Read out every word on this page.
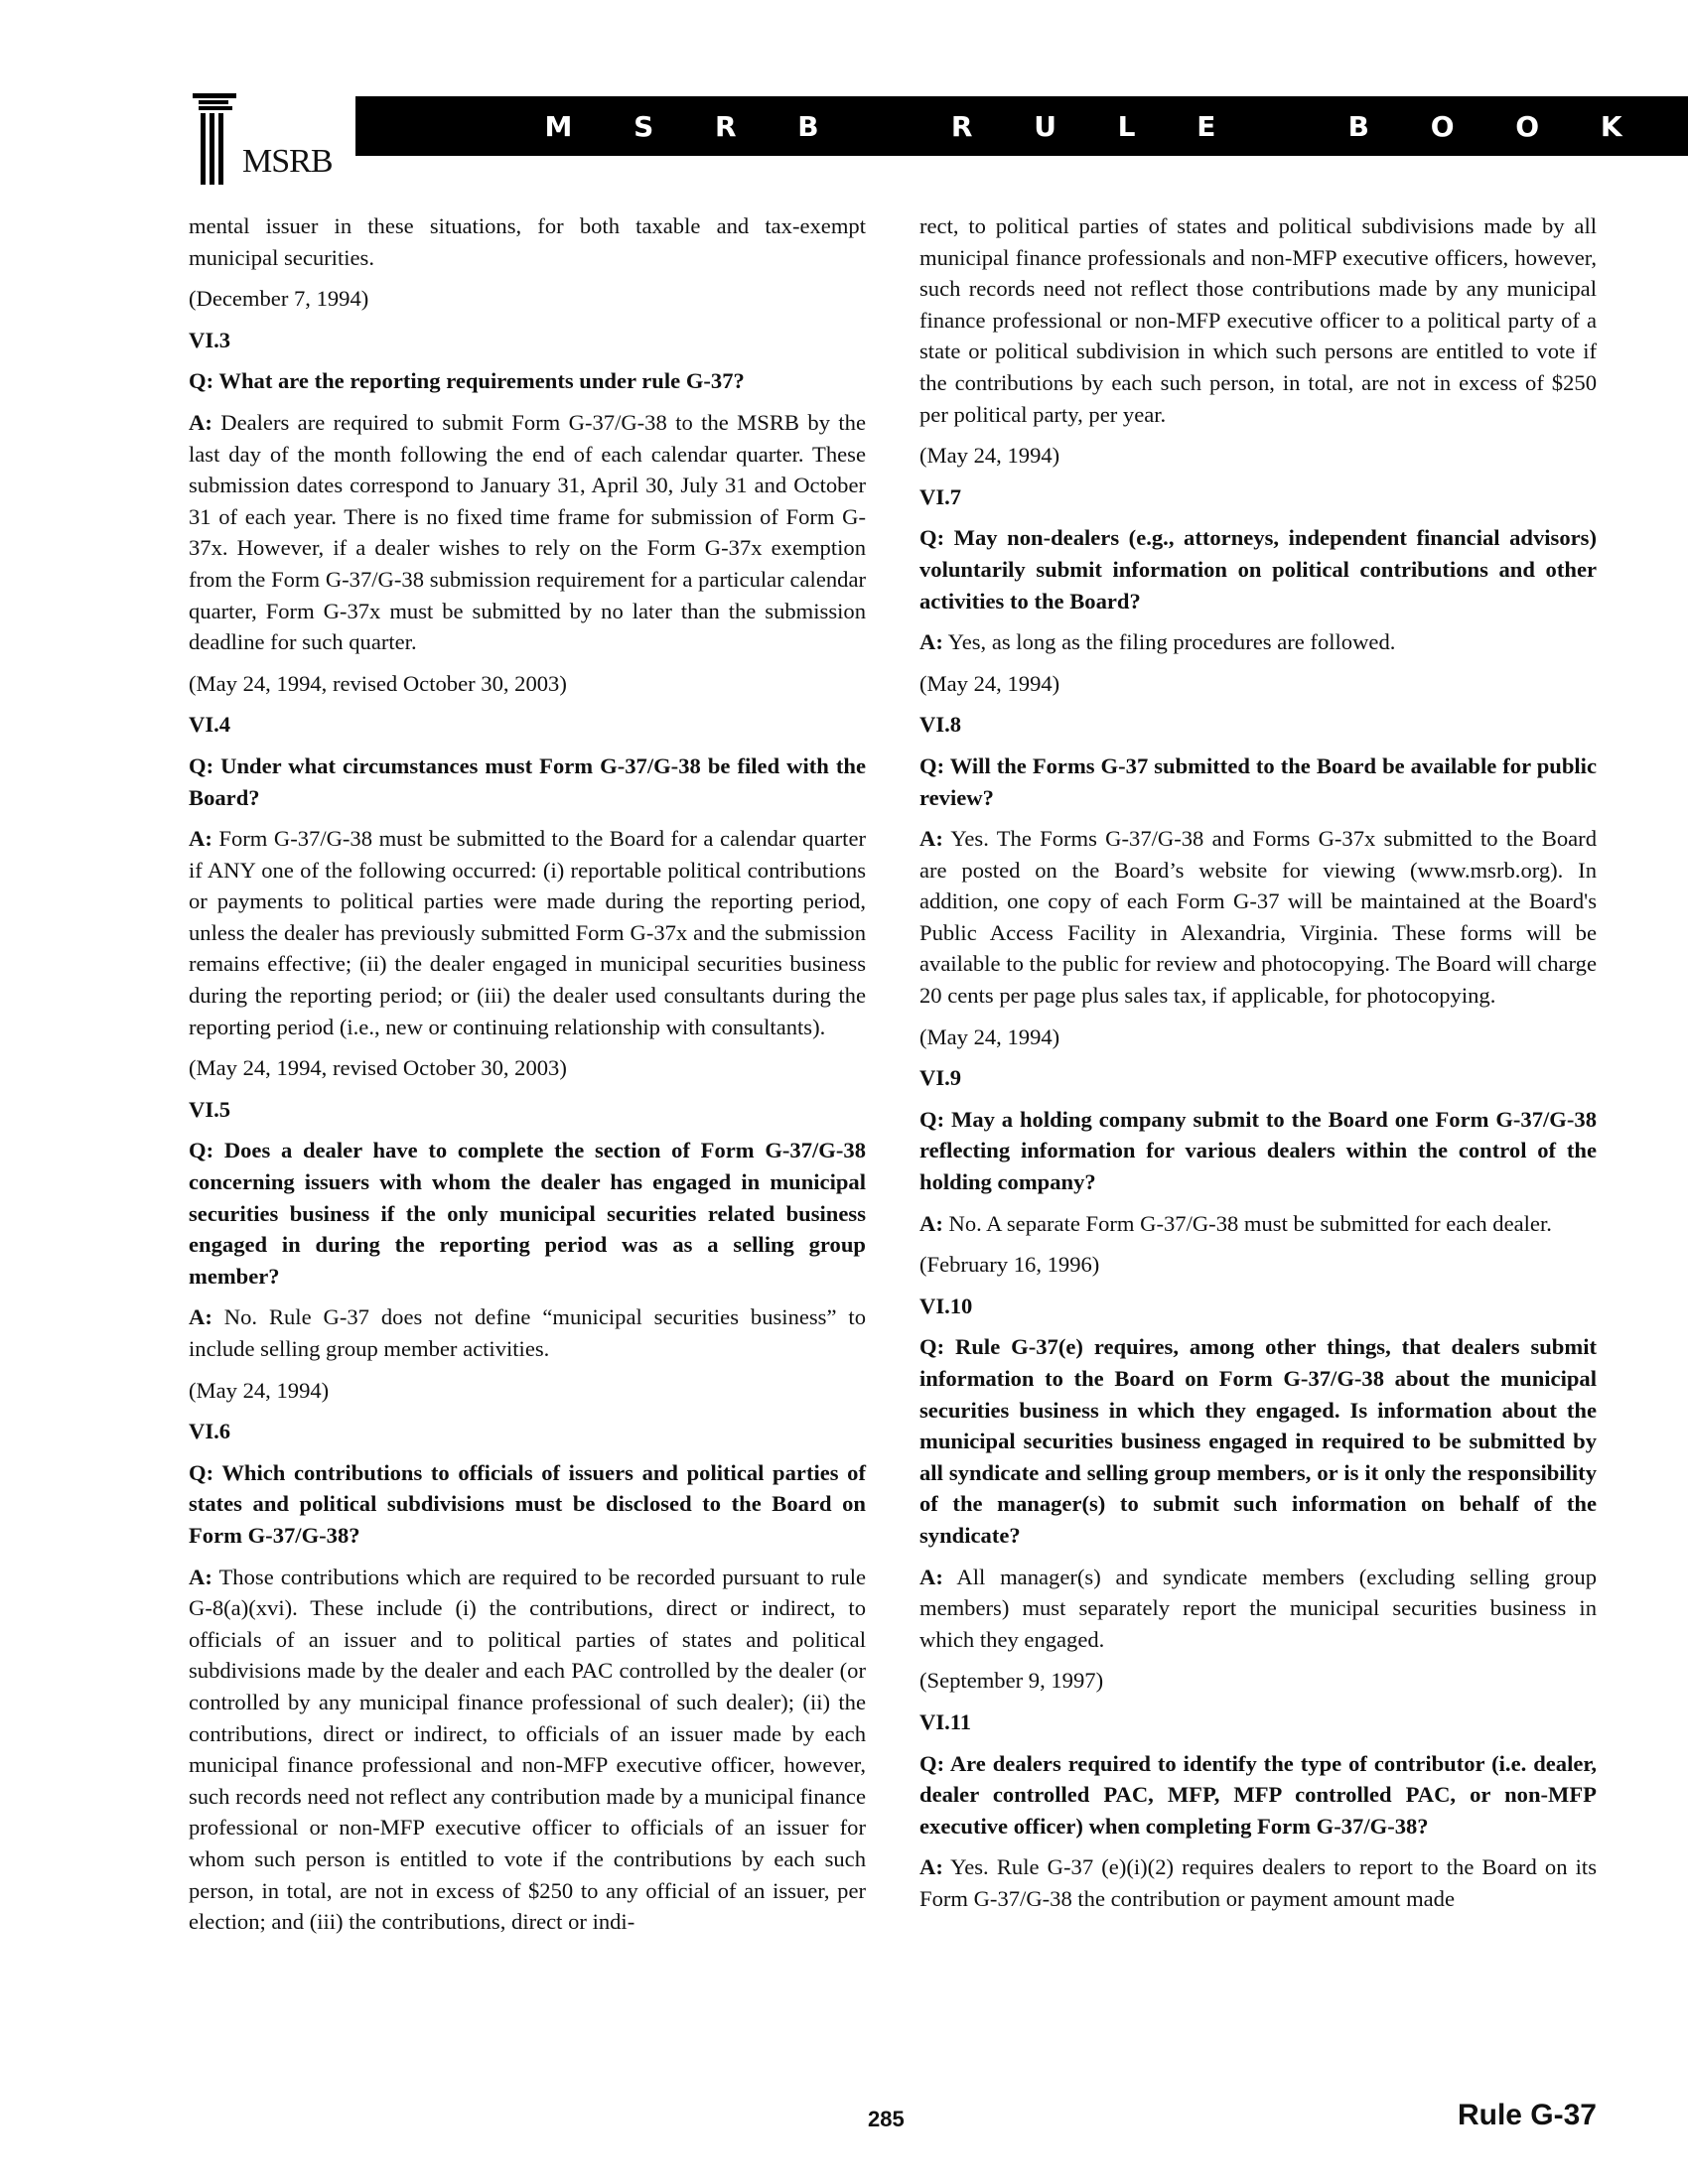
MSRB
M S R B   R U L E   B O O K

mental issuer in these situations, for both taxable and tax-exempt municipal securities.

(December 7, 1994)

VI.3

Q: What are the reporting requirements under rule G-37?

A: Dealers are required to submit Form G-37/G-38 to the MSRB by the last day of the month following the end of each calendar quarter. These submission dates correspond to January 31, April 30, July 31 and October 31 of each year. There is no fixed time frame for submission of Form G-37x. However, if a dealer wishes to rely on the Form G-37x exemption from the Form G-37/G-38 submission requirement for a particular calendar quarter, Form G-37x must be submitted by no later than the submission deadline for such quarter.

(May 24, 1994, revised October 30, 2003)

VI.4

Q: Under what circumstances must Form G-37/G-38 be filed with the Board?

A: Form G-37/G-38 must be submitted to the Board for a calendar quarter if ANY one of the following occurred: (i) reportable political contributions or payments to political parties were made during the reporting period, unless the dealer has previously submitted Form G-37x and the submission remains effective; (ii) the dealer engaged in municipal securities business during the reporting period; or (iii) the dealer used consultants during the reporting period (i.e., new or continuing relationship with consultants).

(May 24, 1994, revised October 30, 2003)

VI.5

Q: Does a dealer have to complete the section of Form G-37/G-38 concerning issuers with whom the dealer has engaged in municipal securities business if the only municipal securities related business engaged in during the reporting period was as a selling group member?

A: No. Rule G-37 does not define “municipal securities business” to include selling group member activities.

(May 24, 1994)

VI.6

Q: Which contributions to officials of issuers and political parties of states and political subdivisions must be disclosed to the Board on Form G-37/G-38?

A: Those contributions which are required to be recorded pursuant to rule G-8(a)(xvi). These include (i) the contributions, direct or indirect, to officials of an issuer and to political parties of states and political subdivisions made by the dealer and each PAC controlled by the dealer (or controlled by any municipal finance professional of such dealer); (ii) the contributions, direct or indirect, to officials of an issuer made by each municipal finance professional and non-MFP executive officer, however, such records need not reflect any contribution made by a municipal finance professional or non-MFP executive officer to officials of an issuer for whom such person is entitled to vote if the contributions by each such person, in total, are not in excess of $250 to any official of an issuer, per election; and (iii) the contributions, direct or indi-

rect, to political parties of states and political subdivisions made by all municipal finance professionals and non-MFP executive officers, however, such records need not reflect those contributions made by any municipal finance professional or non-MFP executive officer to a political party of a state or political subdivision in which such persons are entitled to vote if the contributions by each such person, in total, are not in excess of $250 per political party, per year.

(May 24, 1994)

VI.7

Q: May non-dealers (e.g., attorneys, independent financial advisors) voluntarily submit information on political contributions and other activities to the Board?

A: Yes, as long as the filing procedures are followed.

(May 24, 1994)

VI.8

Q: Will the Forms G-37 submitted to the Board be available for public review?

A: Yes. The Forms G-37/G-38 and Forms G-37x submitted to the Board are posted on the Board’s website for viewing (www.msrb.org). In addition, one copy of each Form G-37 will be maintained at the Board's Public Access Facility in Alexandria, Virginia. These forms will be available to the public for review and photocopying. The Board will charge 20 cents per page plus sales tax, if applicable, for photocopying.

(May 24, 1994)

VI.9

Q: May a holding company submit to the Board one Form G-37/G-38 reflecting information for various dealers within the control of the holding company?

A: No. A separate Form G-37/G-38 must be submitted for each dealer.

(February 16, 1996)

VI.10

Q: Rule G-37(e) requires, among other things, that dealers submit information to the Board on Form G-37/G-38 about the municipal securities business in which they engaged. Is information about the municipal securities business engaged in required to be submitted by all syndicate and selling group members, or is it only the responsibility of the manager(s) to submit such information on behalf of the syndicate?

A: All manager(s) and syndicate members (excluding selling group members) must separately report the municipal securities business in which they engaged.

(September 9, 1997)

VI.11

Q: Are dealers required to identify the type of contributor (i.e. dealer, dealer controlled PAC, MFP, MFP controlled PAC, or non-MFP executive officer) when completing Form G-37/G-38?

A: Yes. Rule G-37 (e)(i)(2) requires dealers to report to the Board on its Form G-37/G-38 the contribution or payment amount made

285	Rule G-37
